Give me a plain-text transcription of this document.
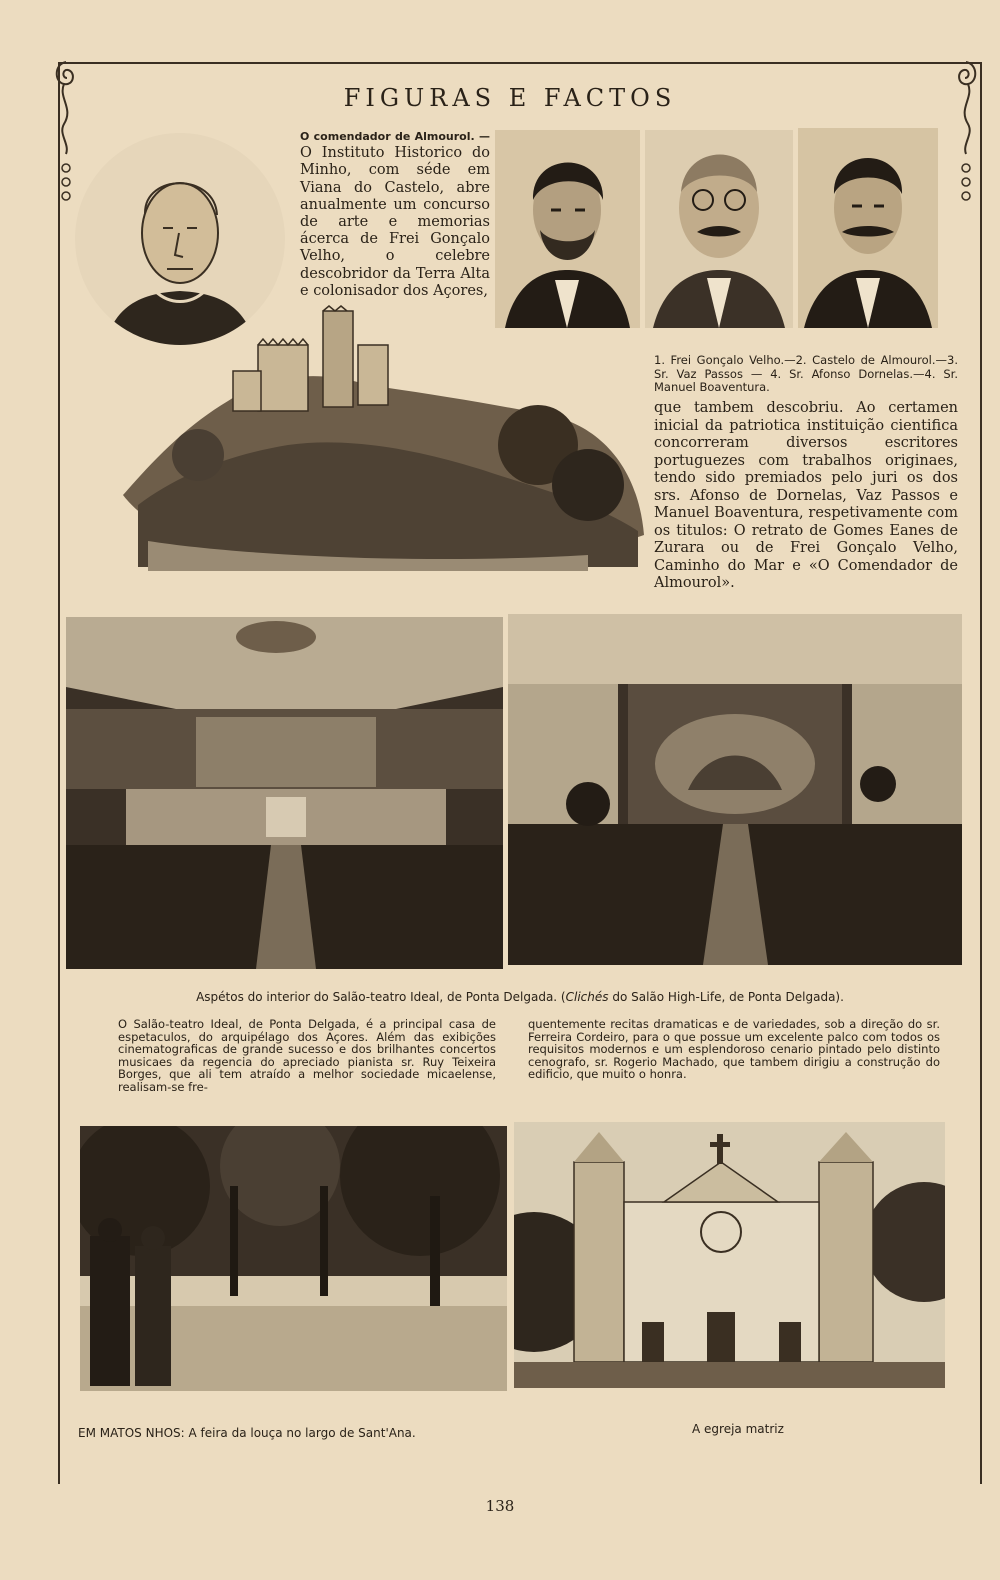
FIGURAS E FACTOS
O comendador de Almourol. — O Instituto Historico do Minho, com séde em Viana do Castelo, abre anualmente um concurso de arte e memorias ácerca de Frei Gonçalo Velho, o celebre descobridor da Terra Alta e colonisador dos Açores,
1. Frei Gonçalo Velho.—2. Castelo de Almourol.—3. Sr. Vaz Passos — 4. Sr. Afonso Dornelas.—4. Sr. Manuel Boaventura.
que tambem descobriu. Ao certamen inicial da patriotica instituição cientifica concorreram diversos escritores portuguezes com trabalhos originaes, tendo sido premiados pelo juri os dos srs. Afonso de Dornelas, Vaz Passos e Manuel Boaventura, respetivamente com os titulos: O retrato de Gomes Eanes de Zurara ou de Frei Gonçalo Velho, Caminho do Mar e «O Comendador de Almourol».
Aspétos do interior do Salão-teatro Ideal, de Ponta Delgada. (Clichés do Salão High-Life, de Ponta Delgada).
O Salão-teatro Ideal, de Ponta Delgada, é a principal casa de espetaculos, do arquipélago dos Açores. Além das exibições cinematograficas de grande sucesso e dos brilhantes concertos musicaes da regencia do apreciado pianista sr. Ruy Teixeira Borges, que ali tem atraído a melhor sociedade micaelense, realisam-se fre-
quentemente recitas dramaticas e de variedades, sob a direção do sr. Ferreira Cordeiro, para o que possue um excelente palco com todos os requisitos modernos e um esplendoroso cenario pintado pelo distinto cenografo, sr. Rogerio Machado, que tambem dirigiu a construção do edificio, que muito o honra.
EM MATOS NHOS: A feira da louça no largo de Sant'Ana.	A egreja matriz
138
